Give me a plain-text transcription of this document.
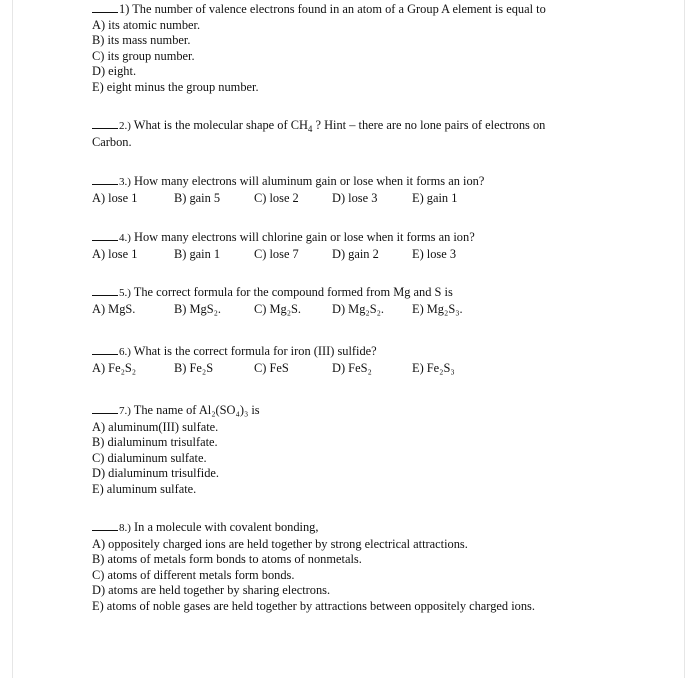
1) The number of valence electrons found in an atom of a Group A element is equal to
A) its atomic number.
B) its mass number.
C) its group number.
D) eight.
E) eight minus the group number.
2.) What is the molecular shape of $CH_4$ ? Hint – there are no lone pairs of electrons on
Carbon.
3.) How many electrons will aluminum gain or lose when it forms an ion?
A) lose 1	B) gain 5	C) lose 2	D) lose 3	E) gain 1
4.) How many electrons will chlorine gain or lose when it forms an ion?
A) lose 1	B) gain 1	C) lose 7	D) gain 2	E) lose 3
5.) The correct formula for the compound formed from Mg and S is
A) MgS.	B) MgS₂.	C) Mg₂S.	D) Mg₂S₂.	E) Mg₂S₃.
6.) What is the correct formula for iron (III) sulfide?
A) Fe₂S₂	B) Fe₂S	C) FeS	D) FeS₂	E) Fe₂S₃
7.) The name of Al₂(SO₄)₃ is
A) aluminum(III) sulfate.
B) dialuminum trisulfate.
C) dialuminum sulfate.
D) dialuminum trisulfide.
E) aluminum sulfate.
8.) In a molecule with covalent bonding,
A) oppositely charged ions are held together by strong electrical attractions.
B) atoms of metals form bonds to atoms of nonmetals.
C) atoms of different metals form bonds.
D) atoms are held together by sharing electrons.
E) atoms of noble gases are held together by attractions between oppositely charged ions.
